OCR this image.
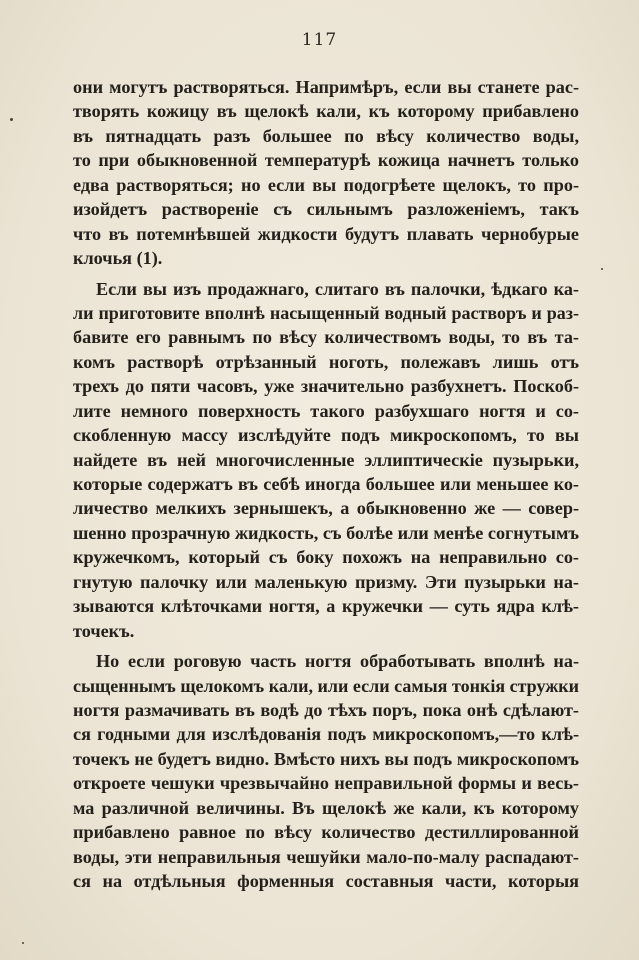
117
они могутъ растворяться. Напримѣръ, если вы станете рас-
творять кожицу въ щелокѣ кали, къ которому прибавлено
въ пятнадцать разъ большее по вѣсу количество воды,
то при обыкновенной температурѣ кожица начнетъ только
едва растворяться; но если вы подогрѣете щелокъ, то про-
изойдетъ раствореніе съ сильнымъ разложеніемъ, такъ
что въ потемнѣвшей жидкости будутъ плавать чернобурые
клочья (1).
Если вы изъ продажнаго, слитаго въ палочки, ѣдкаго ка-
ли приготовите вполнѣ насыщенный водный растворъ и раз-
бавите его равнымъ по вѣсу количествомъ воды, то въ та-
комъ растворѣ отрѣзанный ноготь, полежавъ лишь отъ
трехъ до пяти часовъ, уже значительно разбухнетъ. Поскоб-
лите немного поверхность такого разбухшаго ногтя и со-
скобленную массу изслѣдуйте подъ микроскопомъ, то вы
найдете въ ней многочисленные эллиптическіе пузырьки,
которые содержатъ въ себѣ иногда большее или меньшее ко-
личество мелкихъ зернышекъ, а обыкновенно же — совер-
шенно прозрачную жидкость, съ болѣе или менѣе согнутымъ
кружечкомъ, который съ боку похожъ на неправильно со-
гнутую палочку или маленькую призму. Эти пузырьки на-
зываются клѣточками ногтя, а кружечки — суть ядра клѣ-
точекъ.
Но если роговую часть ногтя обработывать вполнѣ на-
сыщеннымъ щелокомъ кали, или если самыя тонкія стружки
ногтя размачивать въ водѣ до тѣхъ поръ, пока онѣ сдѣлают-
ся годными для изслѣдованія подъ микроскопомъ,—то клѣ-
точекъ не будетъ видно. Вмѣсто нихъ вы подъ микроскопомъ
откроете чешуки чрезвычайно неправильной формы и весь-
ма различной величины. Въ щелокѣ же кали, къ которому
прибавлено равное по вѣсу количество дестиллированной
воды, эти неправильныя чешуйки мало-по-малу распадают-
ся на отдѣльныя форменныя составныя части, которыя
